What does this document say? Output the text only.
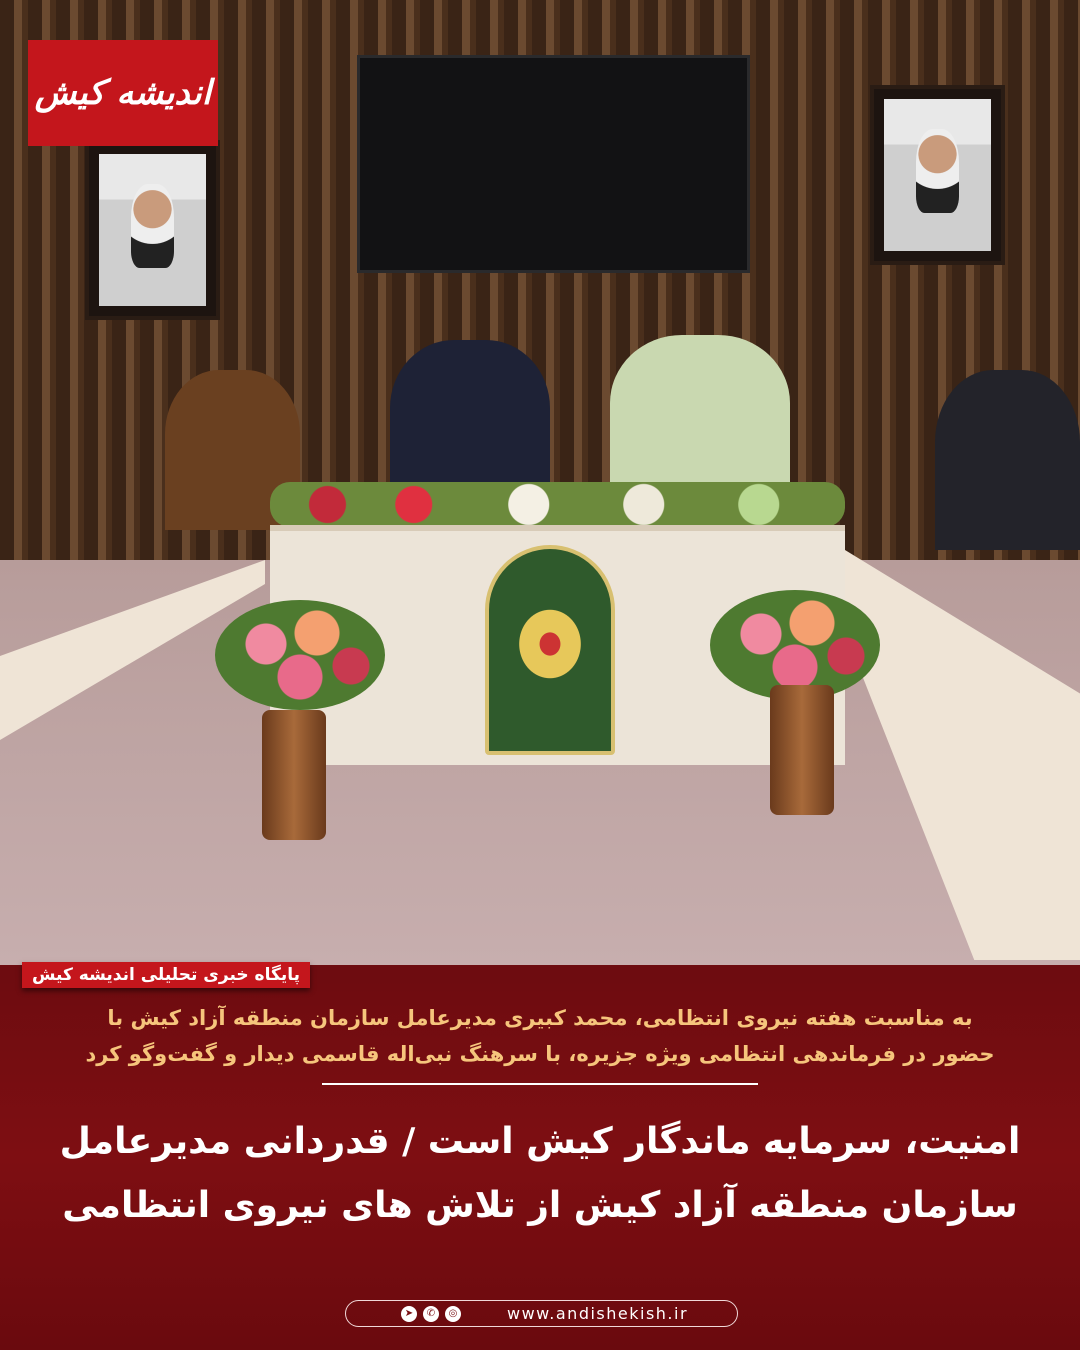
اندیشه کیش
پایگاه خبری تحلیلی اندیشه کیش
به مناسبت هفته نیروی انتظامی، محمد کبیری مدیرعامل سازمان منطقه آزاد کیش با حضور در فرماندهی انتظامی ویژه جزیره، با سرهنگ نبی‌اله قاسمی دیدار و گفت‌وگو کرد
امنیت، سرمایه ماندگار کیش است / قدردانی مدیرعامل سازمان منطقه آزاد کیش از تلاش های نیروی انتظامی
➤	✆	◎	www.andishekish.ir
